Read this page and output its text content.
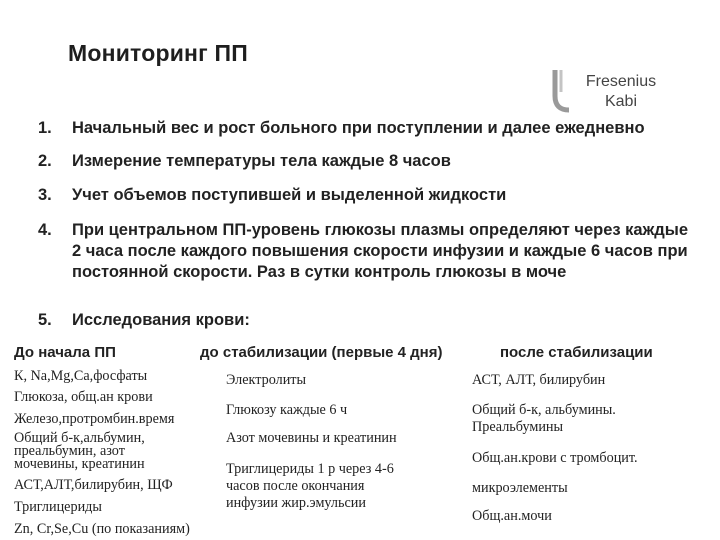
Мониторинг ПП
Fresenius
Kabi
1. Начальный вес и рост больного при поступлении и далее ежедневно
2. Измерение температуры тела каждые 8 часов
3. Учет объемов поступившей и выделенной жидкости
4. При центральном ПП-уровень глюкозы плазмы определяют через каждые 2 часа после каждого повышения скорости инфузии и каждые 6 часов при постоянной скорости. Раз в сутки контроль глюкозы в моче
5. Исследования крови:
До начала ПП
К, Na,Mg,Ca,фосфаты
Глюкоза, общ.ан крови
Железо,протромбин.время
Общий б-к,альбумин,
преальбумин, азот
мочевины, креатинин
АСТ,АЛТ,билирубин, ЩФ
Триглицериды
Zn, Cr,Se,Cu (по показаниям)
до стабилизации (первые 4 дня)
Электролиты
Глюкозу каждые 6 ч
Азот мочевины и креатинин
Триглицериды 1 р через 4-6
часов после окончания
инфузии жир.эмульсии
после стабилизации
АСТ, АЛТ, билирубин
Общий б-к, альбумины.
Преальбумины
Общ.ан.крови с тромбоцит.
микроэлементы
Общ.ан.мочи
